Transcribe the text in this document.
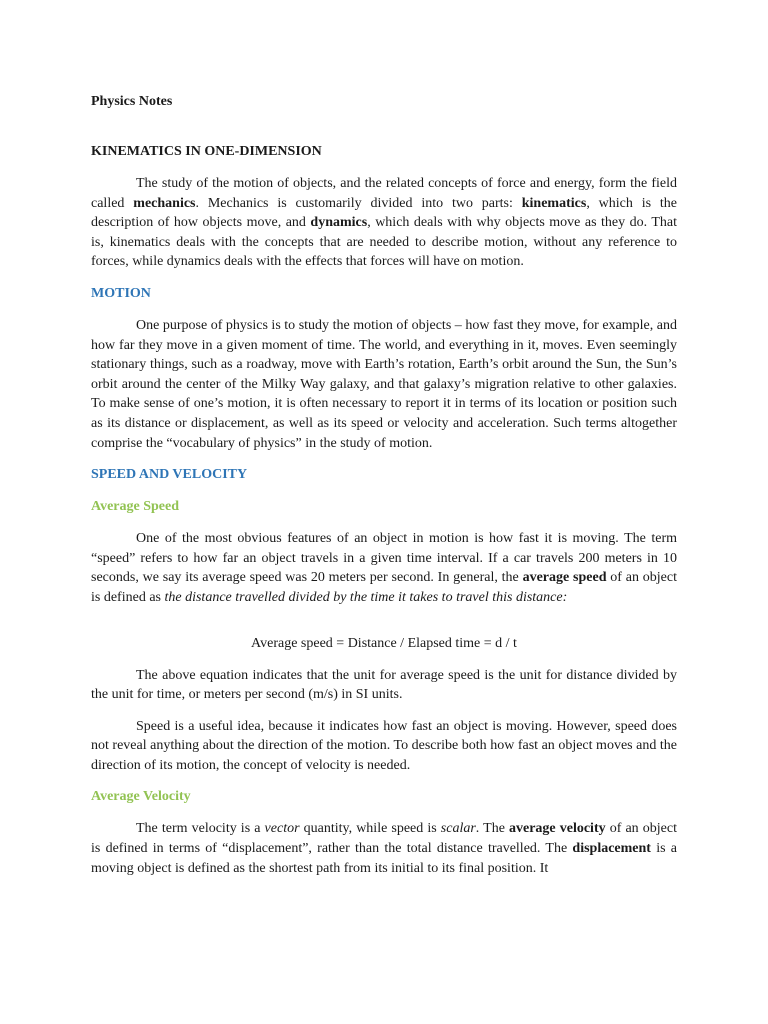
Physics Notes
KINEMATICS IN ONE-DIMENSION

The study of the motion of objects, and the related concepts of force and energy, form the field called mechanics. Mechanics is customarily divided into two parts: kinematics, which is the description of how objects move, and dynamics, which deals with why objects move as they do. That is, kinematics deals with the concepts that are needed to describe motion, without any reference to forces, while dynamics deals with the effects that forces will have on motion.

MOTION

One purpose of physics is to study the motion of objects – how fast they move, for example, and how far they move in a given moment of time. The world, and everything in it, moves. Even seemingly stationary things, such as a roadway, move with Earth’s rotation, Earth’s orbit around the Sun, the Sun’s orbit around the center of the Milky Way galaxy, and that galaxy’s migration relative to other galaxies. To make sense of one’s motion, it is often necessary to report it in terms of its location or position such as its distance or displacement, as well as its speed or velocity and acceleration. Such terms altogether comprise the “vocabulary of physics” in the study of motion.

SPEED AND VELOCITY
Average Speed

One of the most obvious features of an object in motion is how fast it is moving. The term “speed” refers to how far an object travels in a given time interval. If a car travels 200 meters in 10 seconds, we say its average speed was 20 meters per second. In general, the average speed of an object is defined as the distance travelled divided by the time it takes to travel this distance:

Average speed = Distance / Elapsed time = d / t

The above equation indicates that the unit for average speed is the unit for distance divided by the unit for time, or meters per second (m/s) in SI units.

Speed is a useful idea, because it indicates how fast an object is moving. However, speed does not reveal anything about the direction of the motion. To describe both how fast an object moves and the direction of its motion, the concept of velocity is needed.

Average Velocity

The term velocity is a vector quantity, while speed is scalar. The average velocity of an object is defined in terms of “displacement”, rather than the total distance travelled. The displacement is a moving object is defined as the shortest path from its initial to its final position. It
